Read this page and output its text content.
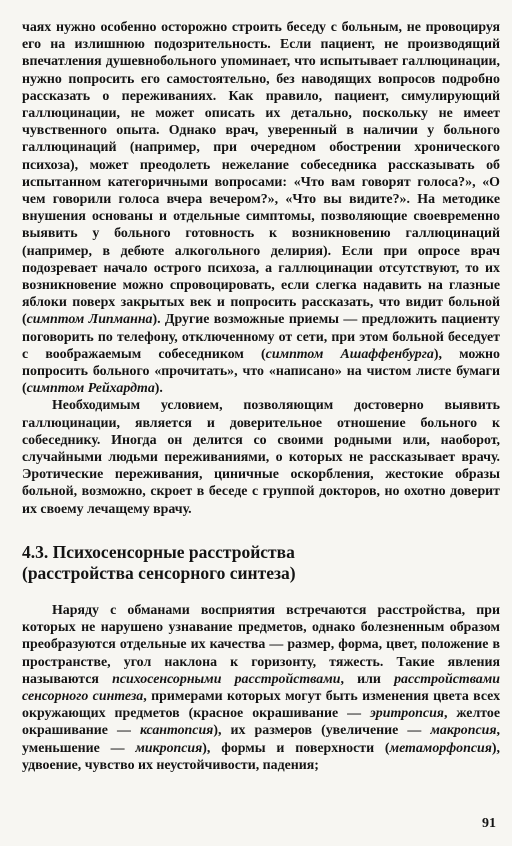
чаях нужно особенно осторожно строить беседу с больным, не провоцируя его на излишнюю подозрительность. Если пациент, не производящий впечатления душевнобольного упоминает, что испытывает галлюцинации, нужно попросить его самостоятельно, без наводящих вопросов подробно рассказать о переживаниях. Как правило, пациент, симулирующий галлюцинации, не может описать их детально, поскольку не имеет чувственного опыта. Однако врач, уверенный в наличии у больного галлюцинаций (например, при очередном обострении хронического психоза), может преодолеть нежелание собеседника рассказывать об испытанном категоричными вопросами: «Что вам говорят голоса?», «О чем говорили голоса вчера вечером?», «Что вы видите?». На методике внушения основаны и отдельные симптомы, позволяющие своевременно выявить у больного готовность к возникновению галлюцинаций (например, в дебюте алкогольного делирия). Если при опросе врач подозревает начало острого психоза, а галлюцинации отсутствуют, то их возникновение можно спровоцировать, если слегка надавить на глазные яблоки поверх закрытых век и попросить рассказать, что видит больной (симптом Липманна). Другие возможные приемы — предложить пациенту поговорить по телефону, отключенному от сети, при этом больной беседует с воображаемым собеседником (симптом Ашаффенбурга), можно попросить больного «прочитать», что «написано» на чистом листе бумаги (симптом Рейхардта).

Необходимым условием, позволяющим достоверно выявить галлюцинации, является и доверительное отношение больного к собеседнику. Иногда он делится со своими родными или, наоборот, случайными людьми переживаниями, о которых не рассказывает врачу. Эротические переживания, циничные оскорбления, жестокие образы больной, возможно, скроет в беседе с группой докторов, но охотно доверит их своему лечащему врачу.

4.3. Психосенсорные расстройства
(расстройства сенсорного синтеза)

Наряду с обманами восприятия встречаются расстройства, при которых не нарушено узнавание предметов, однако болезненным образом преобразуются отдельные их качества — размер, форма, цвет, положение в пространстве, угол наклона к горизонту, тяжесть. Такие явления называются психосенсорными расстройствами, или расстройствами сенсорного синтеза, примерами которых могут быть изменения цвета всех окружающих предметов (красное окрашивание — эритропсия, желтое окрашивание — ксантопсия), их размеров (увеличение — макропсия, уменьшение — микропсия), формы и поверхности (метаморфопсия), удвоение, чувство их неустойчивости, падения;

91
